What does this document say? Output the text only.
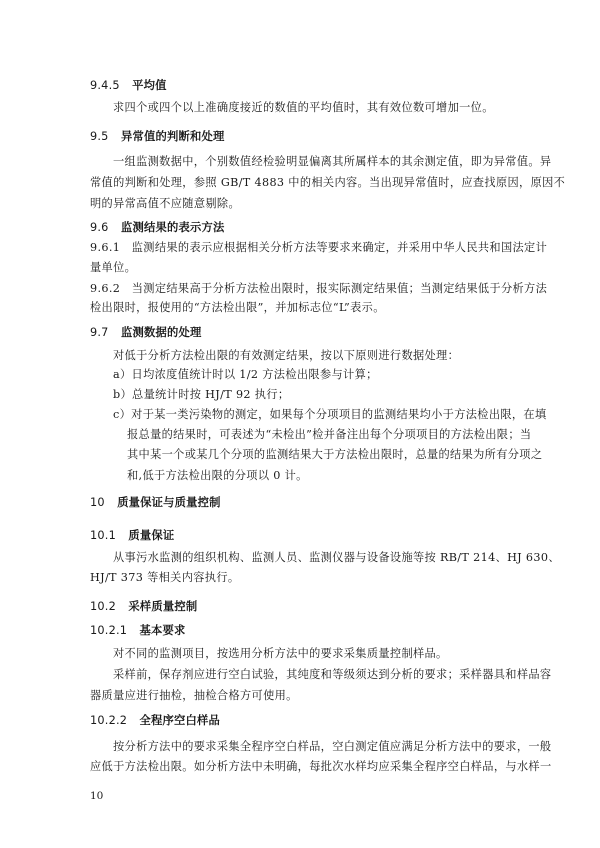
9.4.5 平均值
求四个或四个以上准确度接近的数值的平均值时，其有效位数可增加一位。
9.5 异常值的判断和处理
一组监测数据中，个别数值经检验明显偏离其所属样本的其余测定值，即为异常值。异
常值的判断和处理，参照 GB/T 4883 中的相关内容。当出现异常值时，应查找原因，原因不
明的异常高值不应随意剔除。
9.6 监测结果的表示方法
9.6.1　监测结果的表示应根据相关分析方法等要求来确定，并采用中华人民共和国法定计
量单位。
9.6.2　当测定结果高于分析方法检出限时，报实际测定结果值；当测定结果低于分析方法
检出限时，报使用的“方法检出限”，并加标志位“L”表示。
9.7 监测数据的处理
对低于分析方法检出限的有效测定结果，按以下原则进行数据处理：
a）日均浓度值统计时以 1/2 方法检出限参与计算；
b）总量统计时按 HJ/T 92 执行；
c）对于某一类污染物的测定，如果每个分项项目的监测结果均小于方法检出限，在填
报总量的结果时，可表述为“未检出”检并备注出每个分项项目的方法检出限；当
其中某一个或某几个分项的监测结果大于方法检出限时，总量的结果为所有分项之
和,低于方法检出限的分项以 0 计。
10 质量保证与质量控制
10.1 质量保证
从事污水监测的组织机构、监测人员、监测仪器与设备设施等按 RB/T 214、HJ 630、
HJ/T 373 等相关内容执行。
10.2 采样质量控制
10.2.1 基本要求
对不同的监测项目，按选用分析方法中的要求采集质量控制样品。
采样前，保存剂应进行空白试验，其纯度和等级须达到分析的要求；采样器具和样品容
器质量应进行抽检，抽检合格方可使用。
10.2.2 全程序空白样品
按分析方法中的要求采集全程序空白样品，空白测定值应满足分析方法中的要求，一般
应低于方法检出限。如分析方法中未明确，每批次水样均应采集全程序空白样品，与水样一
10
